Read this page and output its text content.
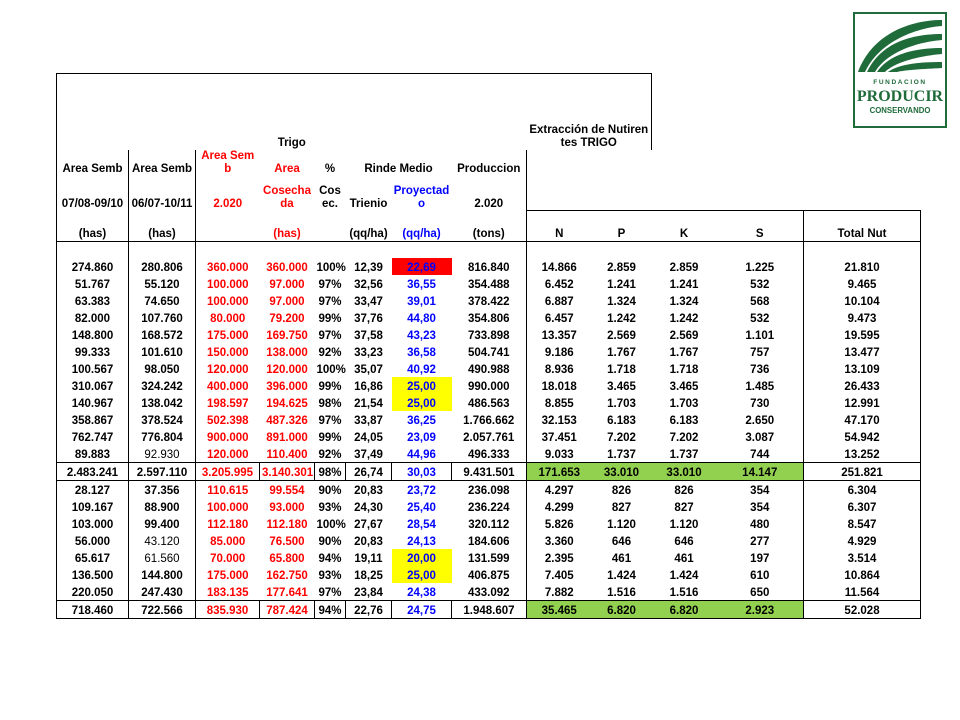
FUNDACION
PRODUCIR
CONSERVANDO
Trigo								Extracción de Nutirentes TRIGO				
Area Semb	Area Semb	Area Semb	Area	%	Rinde Medio		Produccion					
07/08-09/10	06/07-10/11	2.020	Cosechada	Cosec.	Trienio	Proyectado	2.020					
(has)	(has)		(has)		(qq/ha)	(qq/ha)	(tons)	N	P	K	S	Total Nut

274.860	280.806	360.000	360.000	100%	12,39	22,69	816.840	14.866	2.859	2.859	1.225	21.810
51.767	55.120	100.000	97.000	97%	32,56	36,55	354.488	6.452	1.241	1.241	532	9.465
63.383	74.650	100.000	97.000	97%	33,47	39,01	378.422	6.887	1.324	1.324	568	10.104
82.000	107.760	80.000	79.200	99%	37,76	44,80	354.806	6.457	1.242	1.242	532	9.473
148.800	168.572	175.000	169.750	97%	37,58	43,23	733.898	13.357	2.569	2.569	1.101	19.595
99.333	101.610	150.000	138.000	92%	33,23	36,58	504.741	9.186	1.767	1.767	757	13.477
100.567	98.050	120.000	120.000	100%	35,07	40,92	490.988	8.936	1.718	1.718	736	13.109
310.067	324.242	400.000	396.000	99%	16,86	25,00	990.000	18.018	3.465	3.465	1.485	26.433
140.967	138.042	198.597	194.625	98%	21,54	25,00	486.563	8.855	1.703	1.703	730	12.991
358.867	378.524	502.398	487.326	97%	33,87	36,25	1.766.662	32.153	6.183	6.183	2.650	47.170
762.747	776.804	900.000	891.000	99%	24,05	23,09	2.057.761	37.451	7.202	7.202	3.087	54.942
89.883	92.930	120.000	110.400	92%	37,49	44,96	496.333	9.033	1.737	1.737	744	13.252
2.483.241	2.597.110	3.205.995	3.140.301	98%	26,74	30,03	9.431.501	171.653	33.010	33.010	14.147	251.821
28.127	37.356	110.615	99.554	90%	20,83	23,72	236.098	4.297	826	826	354	6.304
109.167	88.900	100.000	93.000	93%	24,30	25,40	236.224	4.299	827	827	354	6.307
103.000	99.400	112.180	112.180	100%	27,67	28,54	320.112	5.826	1.120	1.120	480	8.547
56.000	43.120	85.000	76.500	90%	20,83	24,13	184.606	3.360	646	646	277	4.929
65.617	61.560	70.000	65.800	94%	19,11	20,00	131.599	2.395	461	461	197	3.514
136.500	144.800	175.000	162.750	93%	18,25	25,00	406.875	7.405	1.424	1.424	610	10.864
220.050	247.430	183.135	177.641	97%	23,84	24,38	433.092	7.882	1.516	1.516	650	11.564
718.460	722.566	835.930	787.424	94%	22,76	24,75	1.948.607	35.465	6.820	6.820	2.923	52.028
